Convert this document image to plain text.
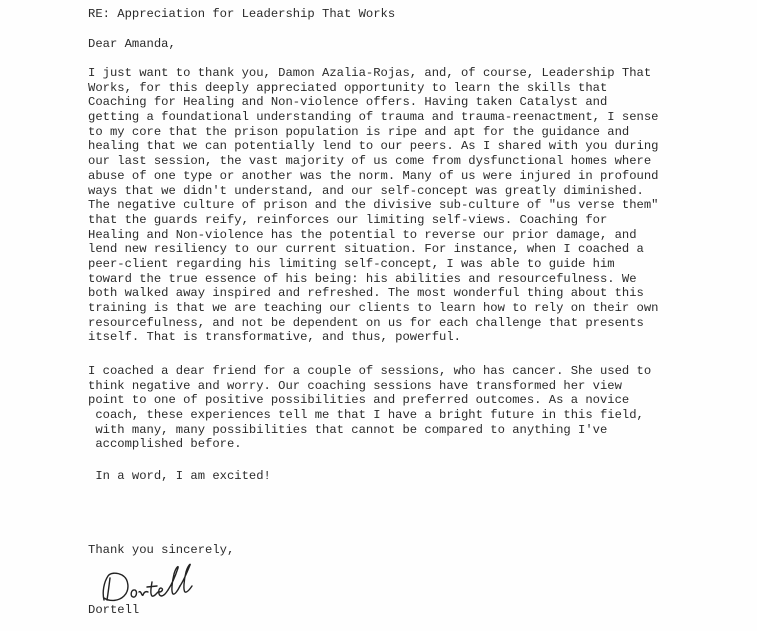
RE: Appreciation for Leadership That Works
Dear Amanda,
I just want to thank you, Damon Azalia-Rojas, and, of course, Leadership That
Works, for this deeply appreciated opportunity to learn the skills that
Coaching for Healing and Non-violence offers. Having taken Catalyst and
getting a foundational understanding of trauma and trauma-reenactment, I sense
to my core that the prison population is ripe and apt for the guidance and
healing that we can potentially lend to our peers. As I shared with you during
our last session, the vast majority of us come from dysfunctional homes where
abuse of one type or another was the norm. Many of us were injured in profound
ways that we didn't understand, and our self-concept was greatly diminished.
The negative culture of prison and the divisive sub-culture of "us verse them"
that the guards reify, reinforces our limiting self-views. Coaching for
Healing and Non-violence has the potential to reverse our prior damage, and
lend new resiliency to our current situation. For instance, when I coached a
peer-client regarding his limiting self-concept, I was able to guide him
toward the true essence of his being: his abilities and resourcefulness. We
both walked away inspired and refreshed. The most wonderful thing about this
training is that we are teaching our clients to learn how to rely on their own
resourcefulness, and not be dependent on us for each challenge that presents
itself. That is transformative, and thus, powerful.
I coached a dear friend for a couple of sessions, who has cancer. She used to
think negative and worry. Our coaching sessions have transformed her view
point to one of positive possibilities and preferred outcomes. As a novice
coach, these experiences tell me that I have a bright future in this field,
with many, many possibilities that cannot be compared to anything I've
accomplished before.
In a word, I am excited!
Thank you sincerely,
Dortell
